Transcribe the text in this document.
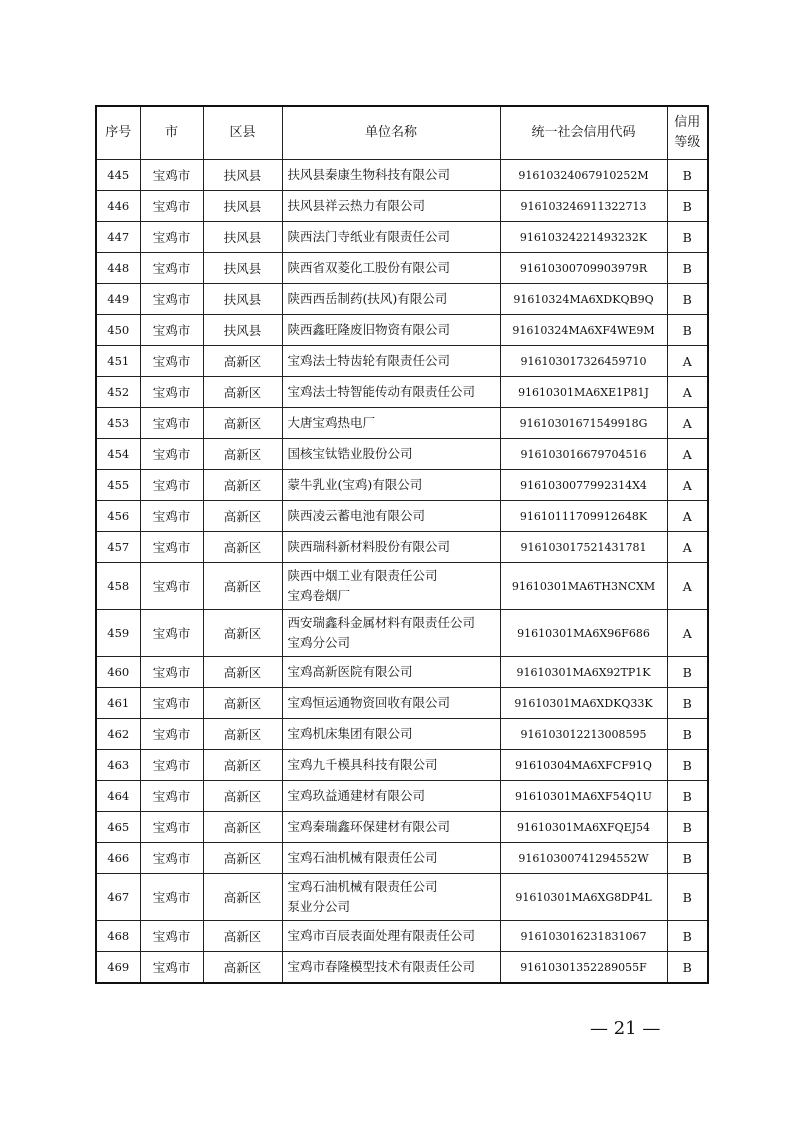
序号	市	区县	单位名称	统一社会信用代码	信用
等级

445	宝鸡市	扶风县	扶风县秦康生物科技有限公司	91610324067910252M	B
446	宝鸡市	扶风县	扶风县祥云热力有限公司	916103246911322713	B
447	宝鸡市	扶风县	陕西法门寺纸业有限责任公司	91610324221493232K	B
448	宝鸡市	扶风县	陕西省双菱化工股份有限公司	91610300709903979R	B
449	宝鸡市	扶风县	陕西西岳制药(扶风)有限公司	91610324MA6XDKQB9Q	B
450	宝鸡市	扶风县	陕西鑫旺隆废旧物资有限公司	91610324MA6XF4WE9M	B
451	宝鸡市	高新区	宝鸡法士特齿轮有限责任公司	916103017326459710	A
452	宝鸡市	高新区	宝鸡法士特智能传动有限责任公司	91610301MA6XE1P81J	A
453	宝鸡市	高新区	大唐宝鸡热电厂	91610301671549918G	A
454	宝鸡市	高新区	国核宝钛锆业股份公司	916103016679704516	A
455	宝鸡市	高新区	蒙牛乳业(宝鸡)有限公司	9161030077992314X4	A
456	宝鸡市	高新区	陕西凌云蓄电池有限公司	91610111709912648K	A
457	宝鸡市	高新区	陕西瑞科新材料股份有限公司	916103017521431781	A
458	宝鸡市	高新区	陕西中烟工业有限责任公司
宝鸡卷烟厂	91610301MA6TH3NCXM	A
459	宝鸡市	高新区	西安瑞鑫科金属材料有限责任公司
宝鸡分公司	91610301MA6X96F686	A
460	宝鸡市	高新区	宝鸡高新医院有限公司	91610301MA6X92TP1K	B
461	宝鸡市	高新区	宝鸡恒运通物资回收有限公司	91610301MA6XDKQ33K	B
462	宝鸡市	高新区	宝鸡机床集团有限公司	916103012213008595	B
463	宝鸡市	高新区	宝鸡九千模具科技有限公司	91610304MA6XFCF91Q	B
464	宝鸡市	高新区	宝鸡玖益通建材有限公司	91610301MA6XF54Q1U	B
465	宝鸡市	高新区	宝鸡秦瑞鑫环保建材有限公司	91610301MA6XFQEJ54	B
466	宝鸡市	高新区	宝鸡石油机械有限责任公司	91610300741294552W	B
467	宝鸡市	高新区	宝鸡石油机械有限责任公司
泵业分公司	91610301MA6XG8DP4L	B
468	宝鸡市	高新区	宝鸡市百辰表面处理有限责任公司	916103016231831067	B
469	宝鸡市	高新区	宝鸡市春隆模型技术有限责任公司	91610301352289055F	B
— 21 —
